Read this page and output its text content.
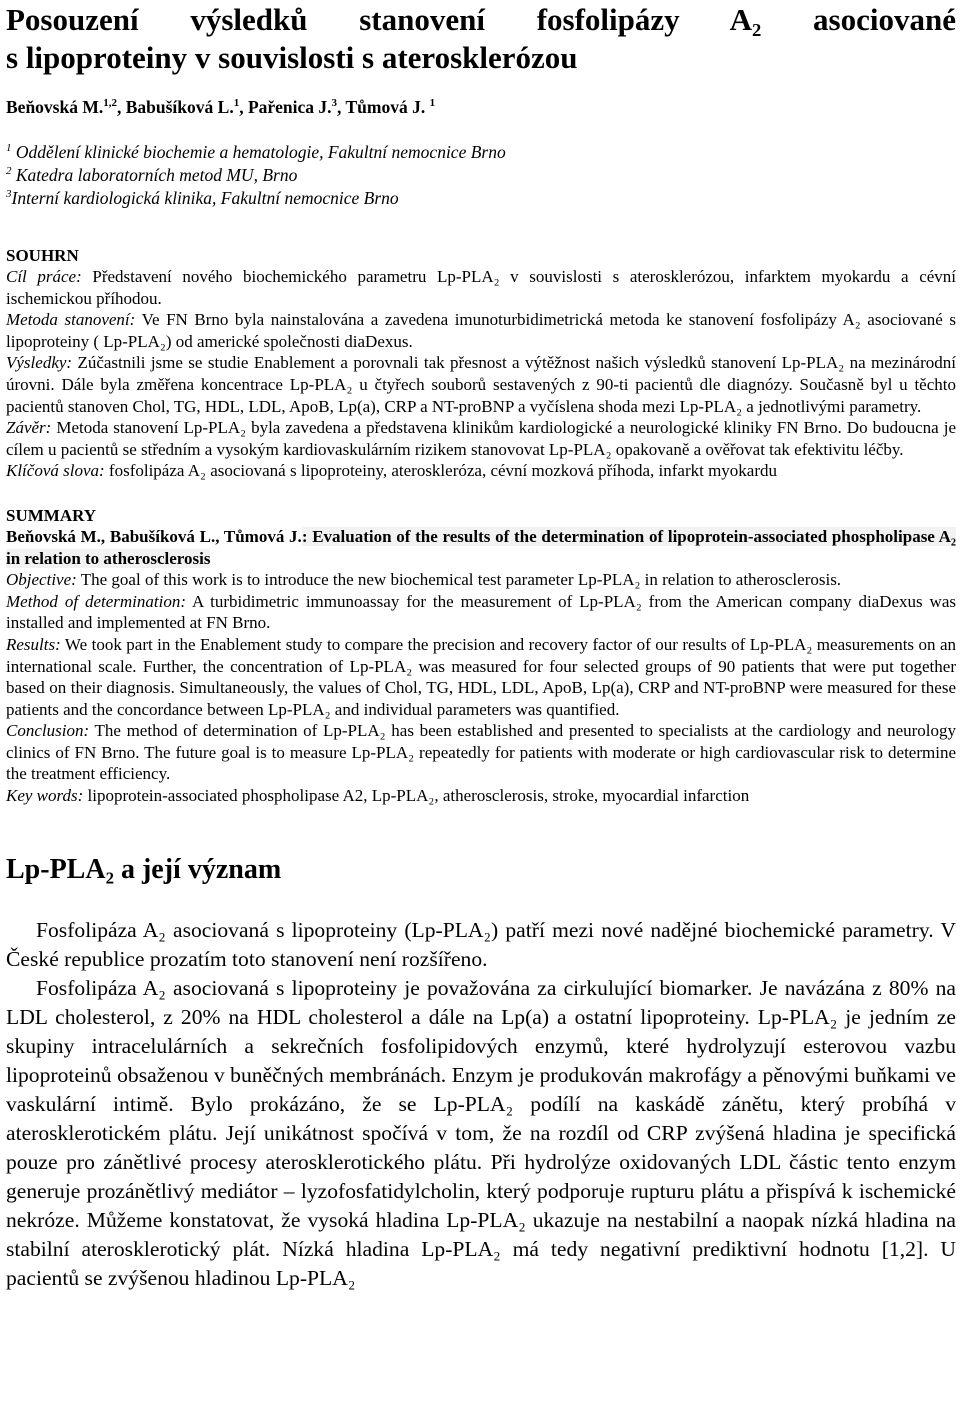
Posouzení výsledků stanovení fosfolipázy A₂ asociované

s lipoproteiny v souvislosti s aterosklerózou

Beňovská M.$^{1,2}$, Babušíková L.$^1$, Pařenica J.$^3$, Tůmová J. $^1$
$^1$ Oddělení klinické biochemie a hematologie, Fakultní nemocnice Brno
$^2$ Katedra laboratorních metod MU, Brno
$^3$Interní kardiologická klinika, Fakultní nemocnice Brno
SOUHRN

Cíl práce: Představení nového biochemického parametru Lp-PLA₂ v souvislosti s aterosklerózou, infarktem myokardu a cévní ischemickou příhodou.

Metoda stanovení: Ve FN Brno byla nainstalována a zavedena imunoturbidimetrická metoda ke stanovení fosfolipázy A₂ asociované s lipoproteiny ( Lp-PLA₂) od americké společnosti diaDexus.

Výsledky: Zúčastnili jsme se studie Enablement a porovnali tak přesnost a výtěžnost našich výsledků stanovení Lp-PLA₂ na mezinárodní úrovni. Dále byla změřena koncentrace Lp-PLA₂ u čtyřech souborů sestavených z 90-ti pacientů dle diagnózy. Současně byl u těchto pacientů stanoven Chol, TG, HDL, LDL, ApoB, Lp(a), CRP a NT-proBNP a vyčíslena shoda mezi Lp-PLA₂ a jednotlivými parametry.

Závěr: Metoda stanovení Lp-PLA₂ byla zavedena a představena klinikům kardiologické a neurologické kliniky FN Brno. Do budoucna je cílem u pacientů se středním a vysokým kardiovaskulárním rizikem stanovovat Lp-PLA₂ opakovaně a ověřovat tak efektivitu léčby.

Klíčová slova: fosfolipáza A₂ asociovaná s lipoproteiny, ateroskleróza, cévní mozková příhoda, infarkt myokardu

SUMMARY

Beňovská M., Babušíková L., Tůmová J.: Evaluation of the results of the determination of lipoprotein-associated phospholipase A₂ in relation to atherosclerosis

Objective: The goal of this work is to introduce the new biochemical test parameter Lp-PLA₂ in relation to atherosclerosis.

Method of determination: A turbidimetric immunoassay for the measurement of Lp-PLA₂ from the American company diaDexus was installed and implemented at FN Brno.

Results: We took part in the Enablement study to compare the precision and recovery factor of our results of Lp-PLA₂ measurements on an international scale. Further, the concentration of Lp-PLA₂ was measured for four selected groups of 90 patients that were put together based on their diagnosis. Simultaneously, the values of Chol, TG, HDL, LDL, ApoB, Lp(a), CRP and NT-proBNP were measured for these patients and the concordance between Lp-PLA₂ and individual parameters was quantified.

Conclusion: The method of determination of Lp-PLA₂ has been established and presented to specialists at the cardiology and neurology clinics of FN Brno. The future goal is to measure Lp-PLA₂ repeatedly for patients with moderate or high cardiovascular risk to determine the treatment efficiency.

Key words: lipoprotein-associated phospholipase A2, Lp-PLA₂, atherosclerosis, stroke, myocardial infarction

Lp-PLA₂ a její význam

Fosfolipáza A₂ asociovaná s lipoproteiny (Lp-PLA₂) patří mezi nové nadějné biochemické parametry. V České republice prozatím toto stanovení není rozšířeno.

Fosfolipáza A₂ asociovaná s lipoproteiny je považována za cirkulující biomarker. Je navázána z 80% na LDL cholesterol, z 20% na HDL cholesterol a dále na Lp(a) a ostatní lipoproteiny. Lp-PLA₂ je jedním ze skupiny intracelulárních a sekrečních fosfolipidových enzymů, které hydrolyzují esterovou vazbu lipoproteinů obsaženou v buněčných membránách. Enzym je produkován makrofágy a pěnovými buňkami ve vaskulární intimě. Bylo prokázáno, že se Lp-PLA₂ podílí na kaskádě zánětu, který probíhá v aterosklerotickém plátu. Její unikátnost spočívá v tom, že na rozdíl od CRP zvýšená hladina je specifická pouze pro zánětlivé procesy aterosklerotického plátu. Při hydrolýze oxidovaných LDL částic tento enzym generuje prozánětlivý mediátor – lyzofosfatidylcholin, který podporuje rupturu plátu a přispívá k ischemické nekróze. Můžeme konstatovat, že vysoká hladina Lp-PLA₂ ukazuje na nestabilní a naopak nízká hladina na stabilní aterosklerotický plát. Nízká hladina Lp-PLA₂ má tedy negativní prediktivní hodnotu [1,2]. U pacientů se zvýšenou hladinou Lp-PLA₂
